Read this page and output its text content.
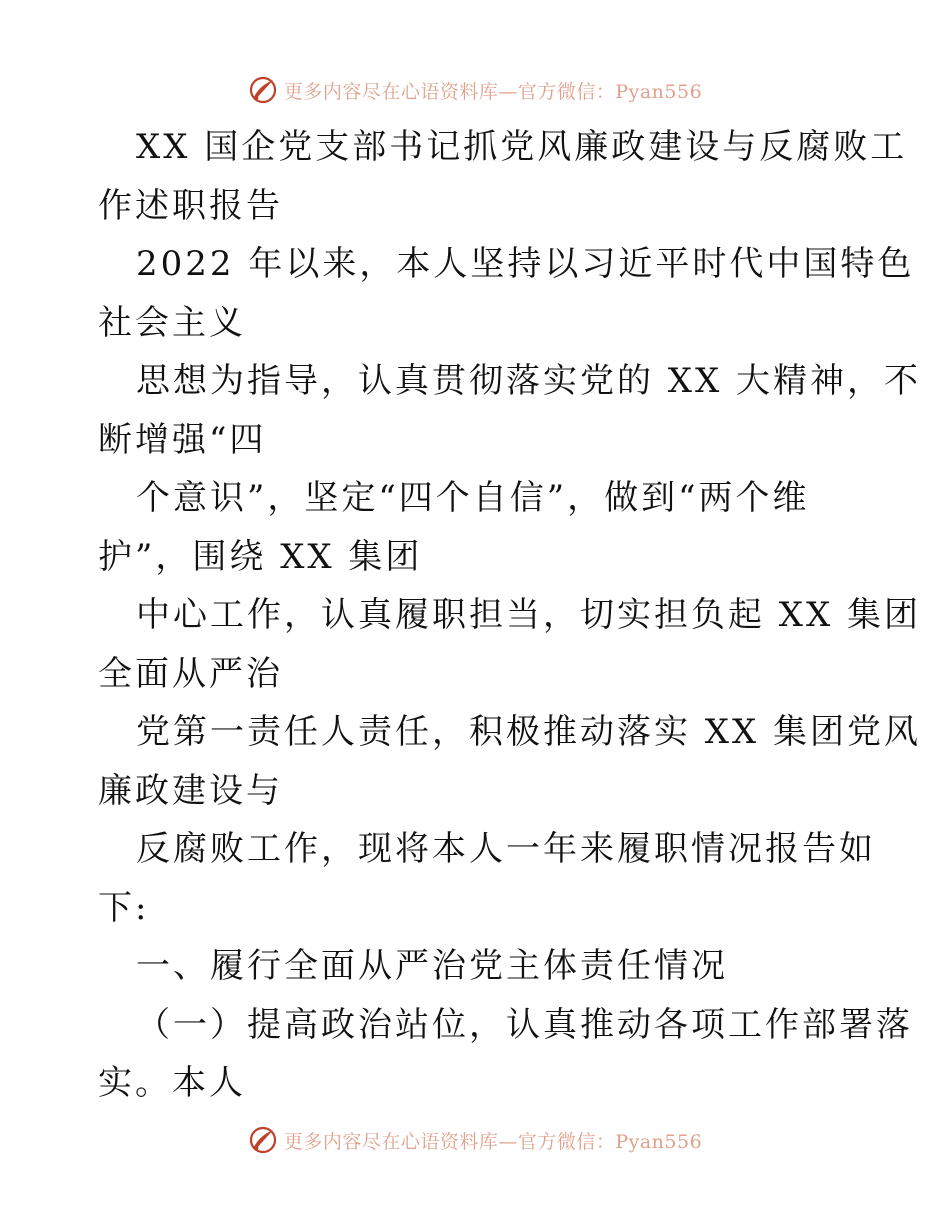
更多内容尽在心语资料库—官方微信：Pyan556
XX 国企党支部书记抓党风廉政建设与反腐败工
作述职报告
2022 年以来，本人坚持以习近平时代中国特色
社会主义
思想为指导，认真贯彻落实党的 XX 大精神，不
断增强“四
个意识”，坚定“四个自信”，做到“两个维
护”，围绕 XX 集团
中心工作，认真履职担当，切实担负起 XX 集团
全面从严治
党第一责任人责任，积极推动落实 XX 集团党风
廉政建设与
反腐败工作，现将本人一年来履职情况报告如
下:
一、履行全面从严治党主体责任情况
（一）提高政治站位，认真推动各项工作部署落
实。本人
更多内容尽在心语资料库—官方微信：Pyan556
